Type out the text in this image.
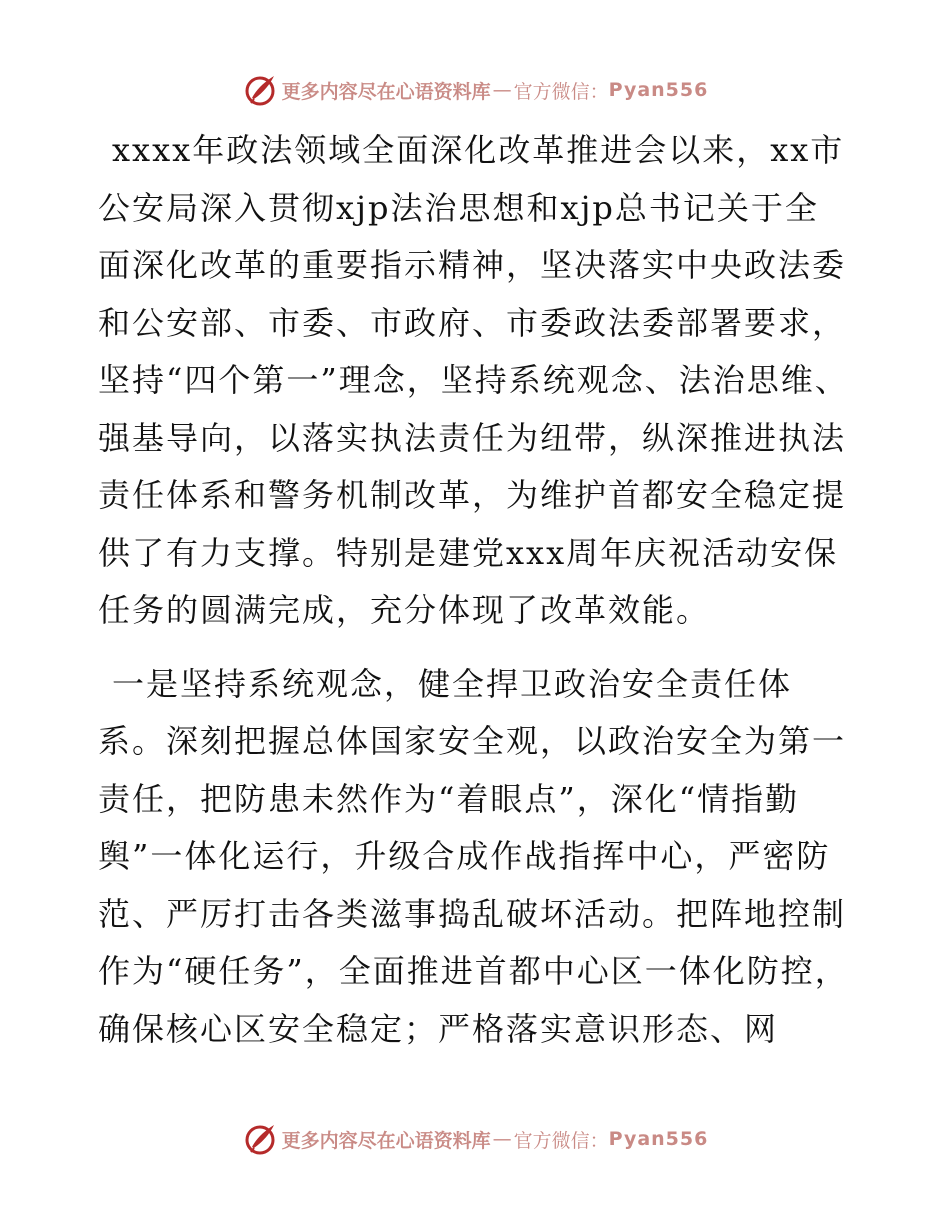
更多内容尽在心语资料库 — 官方微信： Pyan556

xxxx年政法领域全面深化改革推进会以来，xx市公安局深入贯彻xjp法治思想和xjp总书记关于全面深化改革的重要指示精神，坚决落实中央政法委和公安部、市委、市政府、市委政法委部署要求，坚持“四个第一”理念，坚持系统观念、法治思维、强基导向，以落实执法责任为纽带，纵深推进执法责任体系和警务机制改革，为维护首都安全稳定提供了有力支撑。特别是建党xxx周年庆祝活动安保任务的圆满完成，充分体现了改革效能。

一是坚持系统观念，健全捍卫政治安全责任体系。深刻把握总体国家安全观，以政治安全为第一责任，把防患未然作为“着眼点”，深化“情指勤舆”一体化运行，升级合成作战指挥中心，严密防范、严厉打击各类滋事捣乱破坏活动。把阵地控制作为“硬任务”，全面推进首都中心区一体化防控，确保核心区安全稳定；严格落实意识形态、网

更多内容尽在心语资料库 — 官方微信： Pyan556
